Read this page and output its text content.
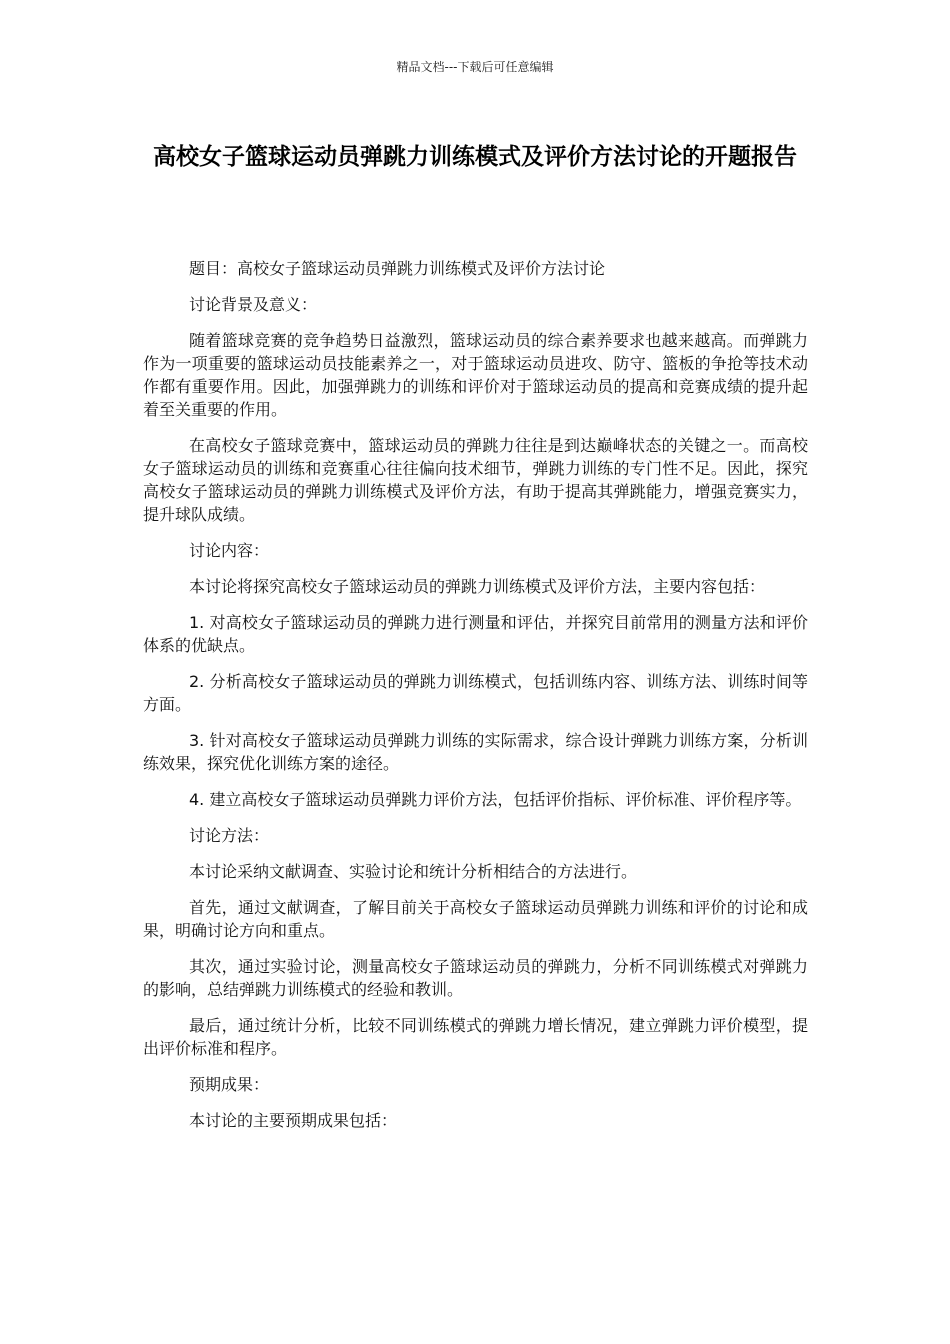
精品文档---下载后可任意编辑
高校女子篮球运动员弹跳力训练模式及评价方法讨论的开题报告

题目：高校女子篮球运动员弹跳力训练模式及评价方法讨论

讨论背景及意义：

随着篮球竞赛的竞争趋势日益激烈，篮球运动员的综合素养要求也越来越高。而弹跳力作为一项重要的篮球运动员技能素养之一，对于篮球运动员进攻、防守、篮板的争抢等技术动作都有重要作用。因此，加强弹跳力的训练和评价对于篮球运动员的提高和竞赛成绩的提升起着至关重要的作用。

在高校女子篮球竞赛中，篮球运动员的弹跳力往往是到达巅峰状态的关键之一。而高校女子篮球运动员的训练和竞赛重心往往偏向技术细节，弹跳力训练的专门性不足。因此，探究高校女子篮球运动员的弹跳力训练模式及评价方法，有助于提高其弹跳能力，增强竞赛实力，提升球队成绩。

讨论内容：

本讨论将探究高校女子篮球运动员的弹跳力训练模式及评价方法，主要内容包括：

1. 对高校女子篮球运动员的弹跳力进行测量和评估，并探究目前常用的测量方法和评价体系的优缺点。

2. 分析高校女子篮球运动员的弹跳力训练模式，包括训练内容、训练方法、训练时间等方面。

3. 针对高校女子篮球运动员弹跳力训练的实际需求，综合设计弹跳力训练方案，分析训练效果，探究优化训练方案的途径。

4. 建立高校女子篮球运动员弹跳力评价方法，包括评价指标、评价标准、评价程序等。

讨论方法：

本讨论采纳文献调查、实验讨论和统计分析相结合的方法进行。

首先，通过文献调查，了解目前关于高校女子篮球运动员弹跳力训练和评价的讨论和成果，明确讨论方向和重点。

其次，通过实验讨论，测量高校女子篮球运动员的弹跳力，分析不同训练模式对弹跳力的影响，总结弹跳力训练模式的经验和教训。

最后，通过统计分析，比较不同训练模式的弹跳力增长情况，建立弹跳力评价模型，提出评价标准和程序。

预期成果：

本讨论的主要预期成果包括：
